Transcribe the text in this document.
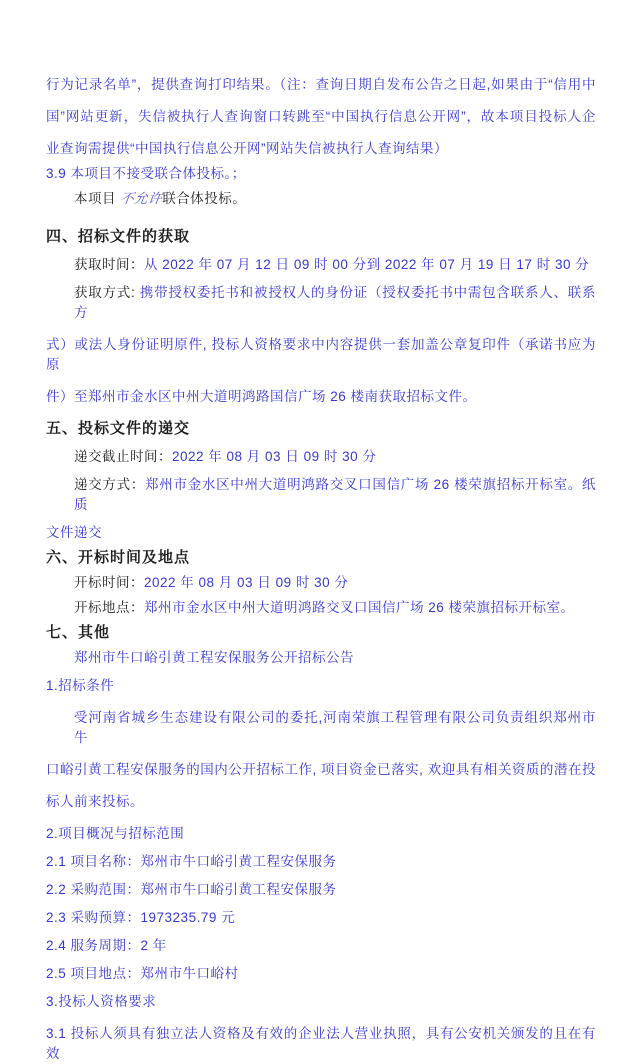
行为记录名单”，提供查询打印结果。（注：查询日期自发布公告之日起,如果由于“信用中
国”网站更新，失信被执行人查询窗口转跳至“中国执行信息公开网”，故本项目投标人企
业查询需提供“中国执行信息公开网”网站失信被执行人查询结果）
3.9 本项目不接受联合体投标。；
本项目 不允许联合体投标。
四、招标文件的获取
获取时间：从 2022 年 07 月 12 日 09 时 00 分到 2022 年 07 月 19 日 17 时 30 分
获取方式: 携带授权委托书和被授权人的身份证（授权委托书中需包含联系人、联系方
式）或法人身份证明原件, 投标人资格要求中内容提供一套加盖公章复印件（承诺书应为原
件）至郑州市金水区中州大道明鸿路国信广场 26 楼南获取招标文件。
五、投标文件的递交
递交截止时间：2022 年 08 月 03 日 09 时 30 分
递交方式：郑州市金水区中州大道明鸿路交叉口国信广场 26 楼荣旗招标开标室。纸质
文件递交
六、开标时间及地点
开标时间：2022 年 08 月 03 日 09 时 30 分
开标地点：郑州市金水区中州大道明鸿路交叉口国信广场 26 楼荣旗招标开标室。
七、其他
郑州市牛口峪引黄工程安保服务公开招标公告
1.招标条件
受河南省城乡生态建设有限公司的委托,河南荣旗工程管理有限公司负责组织郑州市牛
口峪引黄工程安保服务的国内公开招标工作, 项目资金已落实, 欢迎具有相关资质的潜在投
标人前来投标。
2.项目概况与招标范围
2.1 项目名称：郑州市牛口峪引黄工程安保服务
2.2 采购范围：郑州市牛口峪引黄工程安保服务
2.3 采购预算：1973235.79 元
2.4 服务周期：2 年
2.5 项目地点：郑州市牛口峪村
3.投标人资格要求
3.1 投标人须具有独立法人资格及有效的企业法人营业执照，具有公安机关颁发的且在有效
